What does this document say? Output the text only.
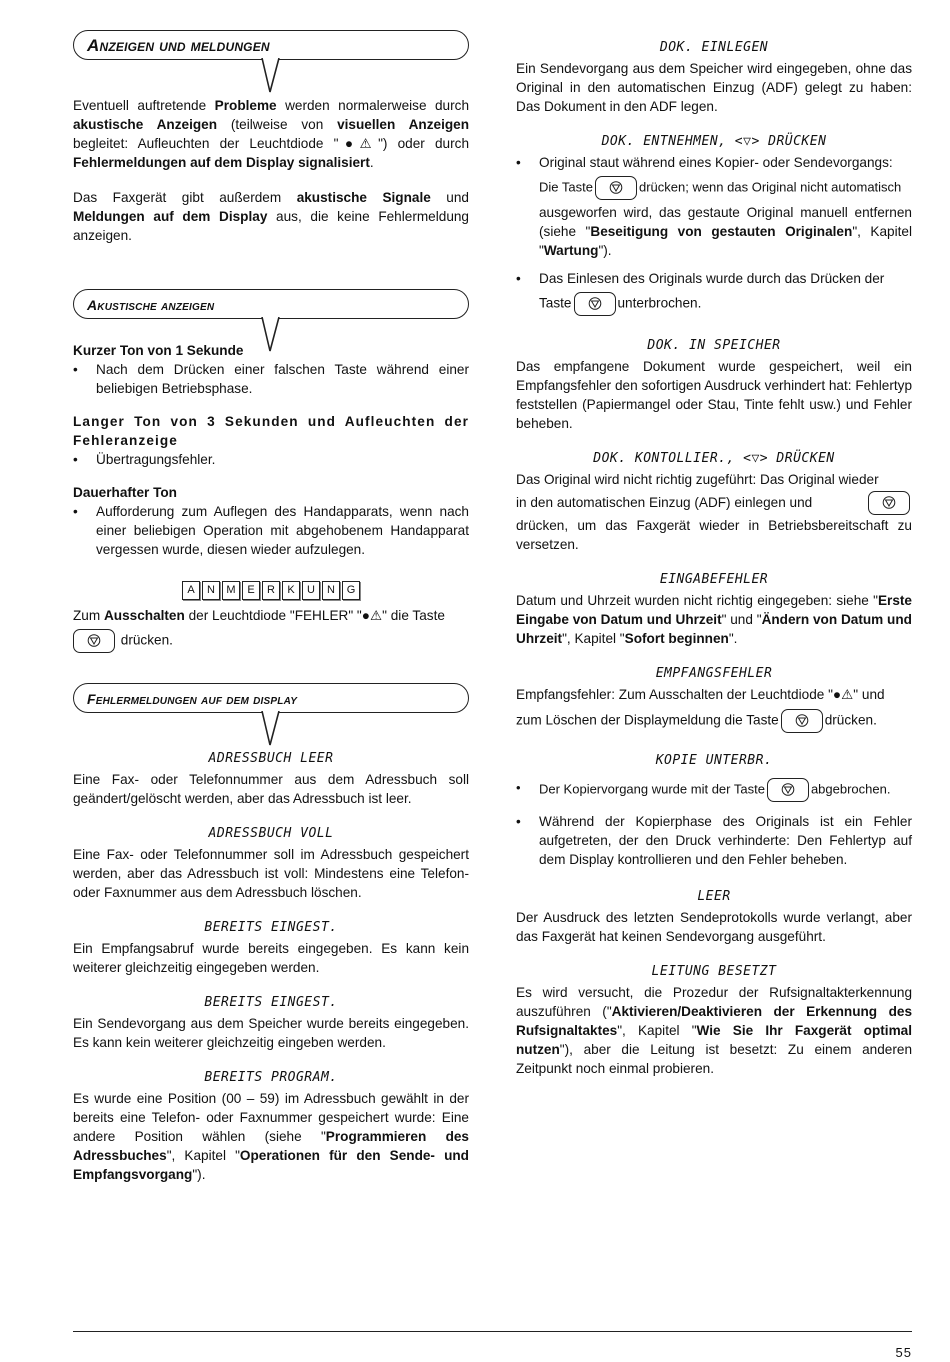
Anzeigen und meldungen

Eventuell auftretende Probleme werden normalerweise durch akustische Anzeigen (teilweise von visuellen Anzeigen begleitet: Aufleuchten der Leuchtdiode "●⚠") oder durch Fehlermeldungen auf dem Display signalisiert.

Das Faxgerät gibt außerdem akustische Signale und Meldungen auf dem Display aus, die keine Fehlermeldung anzeigen.

Akustische anzeigen

Kurzer Ton von 1 Sekunde

• Nach dem Drücken einer falschen Taste während einer beliebigen Betriebsphase.

Langer Ton von 3 Sekunden und Aufleuchten der Fehleranzeige

• Übertragungsfehler.

Dauerhafter Ton

• Aufforderung zum Auflegen des Handapparats, wenn nach einer beliebigen Operation mit abgehobenem Handapparat vergessen wurde, diesen wieder aufzulegen.

A N M E R K U N G

Zum Ausschalten der Leuchtdiode "FEHLER" "●⚠" die Taste

drücken.

Fehlermeldungen auf dem display
ADRESSBUCH LEER

Eine Fax- oder Telefonnummer aus dem Adressbuch soll geändert/gelöscht werden, aber das Adressbuch ist leer.

ADRESSBUCH VOLL

Eine Fax- oder Telefonnummer soll im Adressbuch gespeichert werden, aber das Adressbuch ist voll: Mindestens eine Telefon- oder Faxnummer aus dem Adressbuch löschen.

BEREITS EINGEST.

Ein Empfangsabruf wurde bereits eingegeben. Es kann kein weiterer gleichzeitig eingegeben werden.

BEREITS EINGEST.

Ein Sendevorgang aus dem Speicher wurde bereits eingegeben. Es kann kein weiterer gleichzeitig eingeben werden.

BEREITS PROGRAM.

Es wurde eine Position (00 – 59) im Adressbuch gewählt in der bereits eine Telefon- oder Faxnummer gespeichert wurde: Eine andere Position wählen (siehe "Programmieren des Adressbuches", Kapitel "Operationen für den Sende- und Empfangsvorgang").

DOK. EINLEGEN

Ein Sendevorgang aus dem Speicher wird eingegeben, ohne das Original in den automatischen Einzug (ADF) gelegt zu haben: Das Dokument in den ADF legen.

DOK. ENTNEHMEN, <▽> DRÜCKEN

• Original staut während eines Kopier- oder Sendevorgangs:

Die Taste	drücken; wenn das Original nicht automatisch

ausgeworfen wird, das gestaute Original manuell entfernen (siehe "Beseitigung von gestauten Originalen", Kapitel "Wartung").

• Das Einlesen des Originals wurde durch das Drücken der

Taste	unterbrochen.

DOK. IN SPEICHER

Das empfangene Dokument wurde gespeichert, weil ein Empfangsfehler den sofortigen Ausdruck verhindert hat: Fehlertyp feststellen (Papiermangel oder Stau, Tinte fehlt usw.) und Fehler beheben.

DOK. KONTOLLIER., <▽> DRÜCKEN

Das Original wird nicht richtig zugeführt: Das Original wieder

in den automatischen Einzug (ADF) einlegen und

drücken, um das Faxgerät wieder in Betriebsbereitschaft zu versetzen.

EINGABEFEHLER

Datum und Uhrzeit wurden nicht richtig eingegeben: siehe "Erste Eingabe von Datum und Uhrzeit" und "Ändern von Datum und Uhrzeit", Kapitel "Sofort beginnen".

EMPFANGSFEHLER

Empfangsfehler: Zum Ausschalten der Leuchtdiode "●⚠" und

zum Löschen der Displaymeldung die Taste	drücken.

KOPIE UNTERBR.

• Der Kopiervorgang wurde mit der Taste	abgebrochen.

• Während der Kopierphase des Originals ist ein Fehler aufgetreten, der den Druck verhinderte: Den Fehlertyp auf dem Display kontrollieren und den Fehler beheben.

LEER

Der Ausdruck des letzten Sendeprotokolls wurde verlangt, aber das Faxgerät hat keinen Sendevorgang ausgeführt.

LEITUNG BESETZT

Es wird versucht, die Prozedur der Rufsignaltakterkennung auszuführen ("Aktivieren/Deaktivieren der Erkennung des Rufsignaltaktes", Kapitel "Wie Sie Ihr Faxgerät optimal nutzen"), aber die Leitung ist besetzt: Zu einem anderen Zeitpunkt noch einmal probieren.

55
